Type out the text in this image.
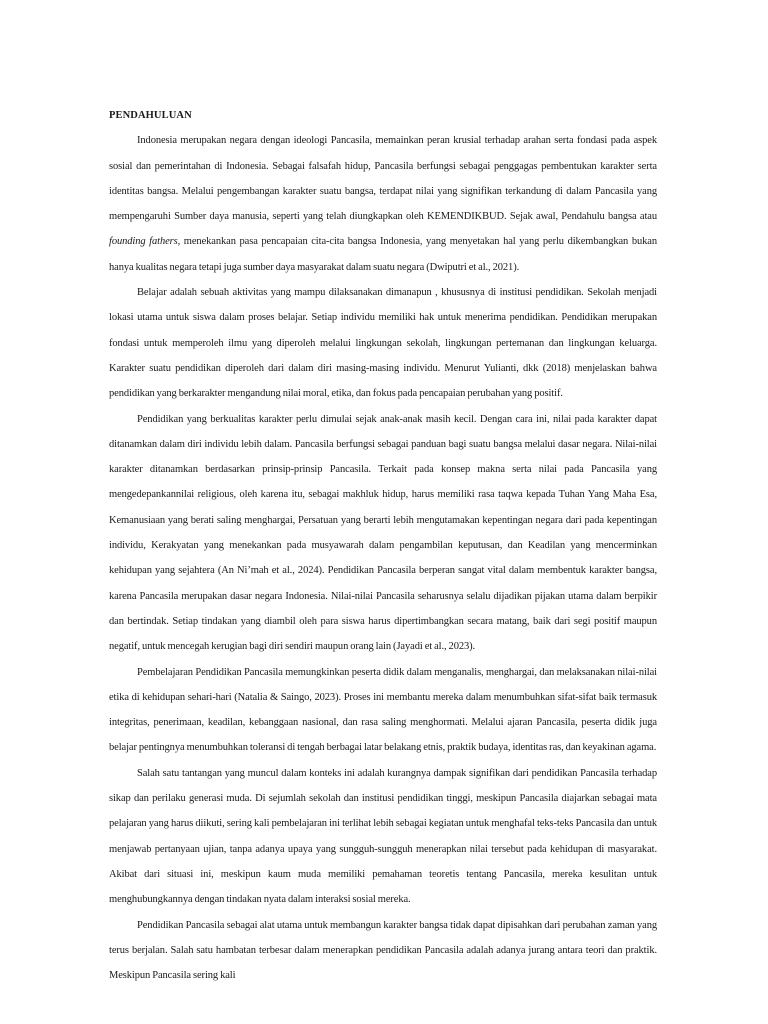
PENDAHULUAN

Indonesia merupakan negara dengan ideologi Pancasila, memainkan peran krusial terhadap arahan serta fondasi pada aspek sosial dan pemerintahan di Indonesia. Sebagai falsafah hidup, Pancasila berfungsi sebagai penggagas pembentukan karakter serta identitas bangsa. Melalui pengembangan karakter suatu bangsa, terdapat nilai yang signifikan terkandung di dalam Pancasila yang mempengaruhi Sumber daya manusia, seperti yang telah diungkapkan oleh KEMENDIKBUD. Sejak awal, Pendahulu bangsa atau founding fathers, menekankan pasa pencapaian cita-cita bangsa Indonesia, yang menyetakan hal yang perlu dikembangkan bukan hanya kualitas negara tetapi juga sumber daya masyarakat dalam suatu negara (Dwiputri et al., 2021).

Belajar adalah sebuah aktivitas yang mampu dilaksanakan dimanapun , khususnya di institusi pendidikan. Sekolah menjadi lokasi utama untuk siswa dalam proses belajar. Setiap individu memiliki hak untuk menerima pendidikan. Pendidikan merupakan fondasi untuk memperoleh ilmu yang diperoleh melalui lingkungan sekolah, lingkungan pertemanan dan lingkungan keluarga. Karakter suatu pendidikan diperoleh dari dalam diri masing-masing individu. Menurut Yulianti, dkk (2018) menjelaskan bahwa pendidikan yang berkarakter mengandung nilai moral, etika, dan fokus pada pencapaian perubahan yang positif.

Pendidikan yang berkualitas karakter perlu dimulai sejak anak-anak masih kecil. Dengan cara ini, nilai pada karakter dapat ditanamkan dalam diri individu lebih dalam. Pancasila berfungsi sebagai panduan bagi suatu bangsa melalui dasar negara. Nilai-nilai karakter ditanamkan berdasarkan prinsip-prinsip Pancasila. Terkait pada konsep makna serta nilai pada Pancasila yang mengedepankannilai religious, oleh karena itu, sebagai makhluk hidup, harus memiliki rasa taqwa kepada Tuhan Yang Maha Esa, Kemanusiaan yang berati saling menghargai, Persatuan yang berarti lebih mengutamakan kepentingan negara dari pada kepentingan individu, Kerakyatan yang menekankan pada musyawarah dalam pengambilan keputusan, dan Keadilan yang mencerminkan kehidupan yang sejahtera (An Ni’mah et al., 2024). Pendidikan Pancasila berperan sangat vital dalam membentuk karakter bangsa, karena Pancasila merupakan dasar negara Indonesia. Nilai-nilai Pancasila seharusnya selalu dijadikan pijakan utama dalam berpikir dan bertindak. Setiap tindakan yang diambil oleh para siswa harus dipertimbangkan secara matang, baik dari segi positif maupun negatif, untuk mencegah kerugian bagi diri sendiri maupun orang lain (Jayadi et al., 2023).

Pembelajaran Pendidikan Pancasila memungkinkan peserta didik dalam menganalis, menghargai, dan melaksanakan nilai-nilai etika di kehidupan sehari-hari (Natalia & Saingo, 2023). Proses ini membantu mereka dalam menumbuhkan sifat-sifat baik termasuk integritas, penerimaan, keadilan, kebanggaan nasional, dan rasa saling menghormati. Melalui ajaran Pancasila, peserta didik juga belajar pentingnya menumbuhkan toleransi di tengah berbagai latar belakang etnis, praktik budaya, identitas ras, dan keyakinan agama.

Salah satu tantangan yang muncul dalam konteks ini adalah kurangnya dampak signifikan dari pendidikan Pancasila terhadap sikap dan perilaku generasi muda. Di sejumlah sekolah dan institusi pendidikan tinggi, meskipun Pancasila diajarkan sebagai mata pelajaran yang harus diikuti, sering kali pembelajaran ini terlihat lebih sebagai kegiatan untuk menghafal teks-teks Pancasila dan untuk menjawab pertanyaan ujian, tanpa adanya upaya yang sungguh-sungguh menerapkan nilai tersebut pada kehidupan di masyarakat. Akibat dari situasi ini, meskipun kaum muda memiliki pemahaman teoretis tentang Pancasila, mereka kesulitan untuk menghubungkannya dengan tindakan nyata dalam interaksi sosial mereka.

Pendidikan Pancasila sebagai alat utama untuk membangun karakter bangsa tidak dapat dipisahkan dari perubahan zaman yang terus berjalan. Salah satu hambatan terbesar dalam menerapkan pendidikan Pancasila adalah adanya jurang antara teori dan praktik. Meskipun Pancasila sering kali
